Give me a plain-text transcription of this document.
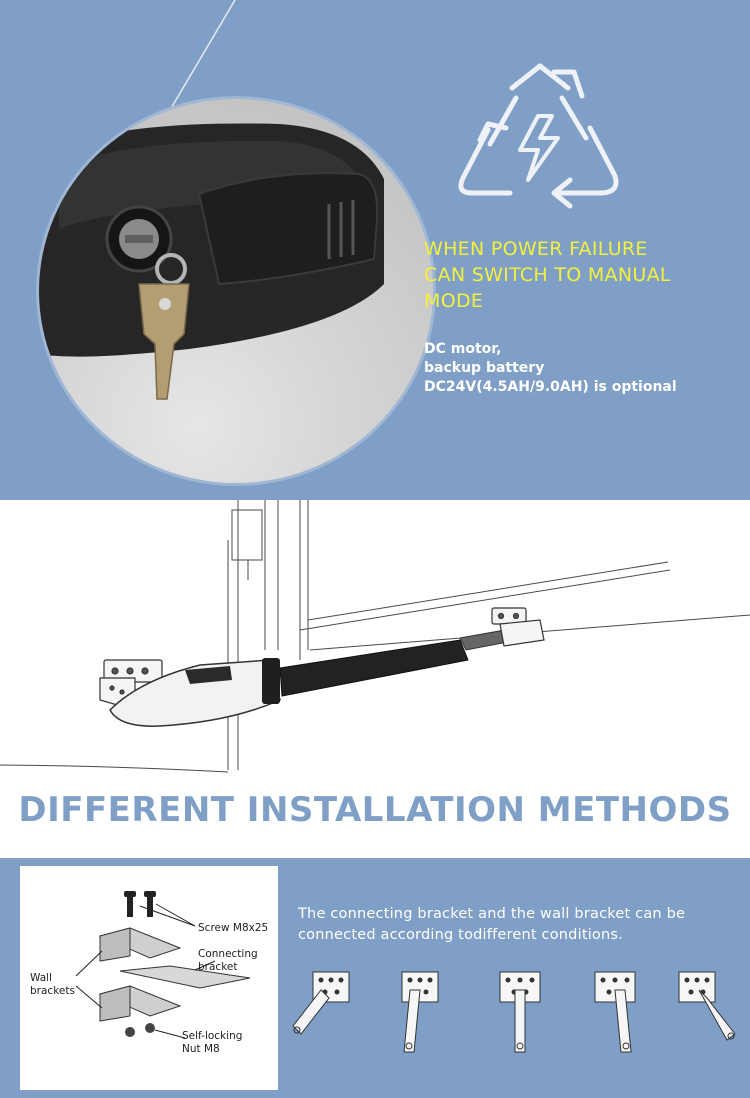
WHEN POWER FAILURE
CAN SWITCH TO MANUAL
MODE
DC motor,
backup battery
DC24V(4.5AH/9.0AH) is optional
DIFFERENT INSTALLATION METHODS
Screw M8x25
Connecting
bracket
Wall
brackets
Self-locking
Nut M8
The connecting bracket and the wall bracket can be
connected according todifferent conditions.
